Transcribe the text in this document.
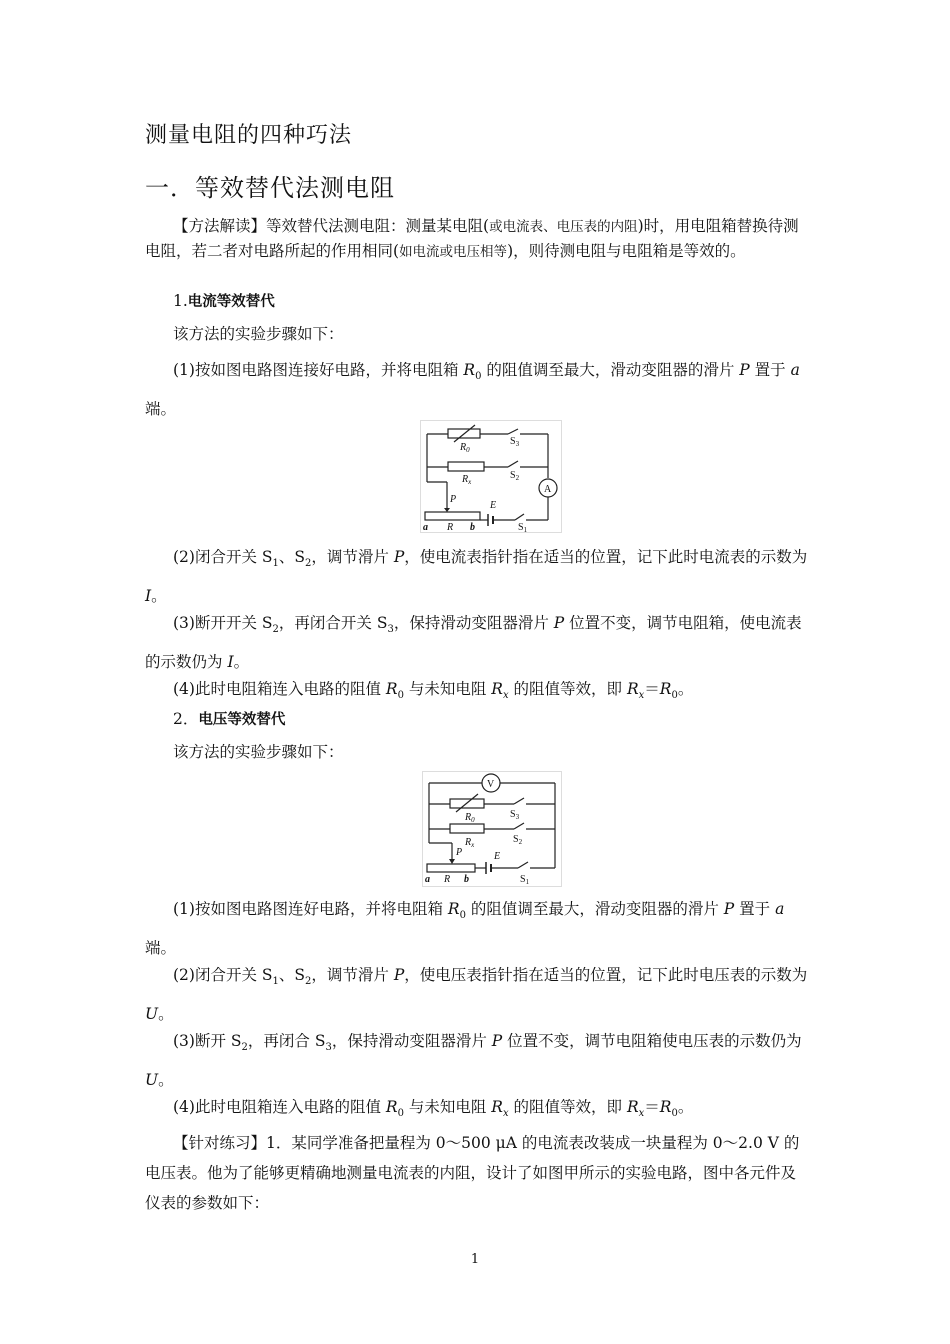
测量电阻的四种巧法
一．等效替代法测电阻
【方法解读】等效替代法测电阻：测量某电阻(或电流表、电压表的内阻)时，用电阻箱替换待测电阻，若二者对电路所起的作用相同(如电流或电压相等)，则待测电阻与电阻箱是等效的。
1.电流等效替代
该方法的实验步骤如下：
(1)按如图电路图连接好电路，并将电阻箱 $R_0$ 的阻值调至最大，滑动变阻器的滑片 P 置于 a 端。
$R_0$
$R_x$
P
E
a R b
$S_3$
$S_2$
$S_1$
A
(2)闭合开关 $S_1$、$S_2$，调节滑片 P，使电流表指针指在适当的位置，记下此时电流表的示数为 I。
(3)断开开关 $S_2$，再闭合开关 $S_3$，保持滑动变阻器滑片 P 位置不变，调节电阻箱，使电流表的示数仍为 I。
(4)此时电阻箱连入电路的阻值 $R_0$ 与未知电阻 $R_x$ 的阻值等效，即 $R_x=R_0$。
2．电压等效替代
该方法的实验步骤如下：
$R_0$
$R_x$
P	E
a R b
$S_3$
$S_2$
$S_1$
V
(1)按如图电路图连好电路，并将电阻箱 $R_0$ 的阻值调至最大，滑动变阻器的滑片 P 置于 a 端。
(2)闭合开关 $S_1$、$S_2$，调节滑片 P，使电压表指针指在适当的位置，记下此时电压表的示数为 U。
(3)断开 $S_2$，再闭合 $S_3$，保持滑动变阻器滑片 P 位置不变，调节电阻箱使电压表的示数仍为 U。
(4)此时电阻箱连入电路的阻值 $R_0$ 与未知电阻 $R_x$ 的阻值等效，即 $R_x=R_0$。
【针对练习】1．某同学准备把量程为 0～500 μA 的电流表改装成一块量程为 0～2.0 V 的电压表。他为了能够更精确地测量电流表的内阻，设计了如图甲所示的实验电路，图中各元件及仪表的参数如下：
1
